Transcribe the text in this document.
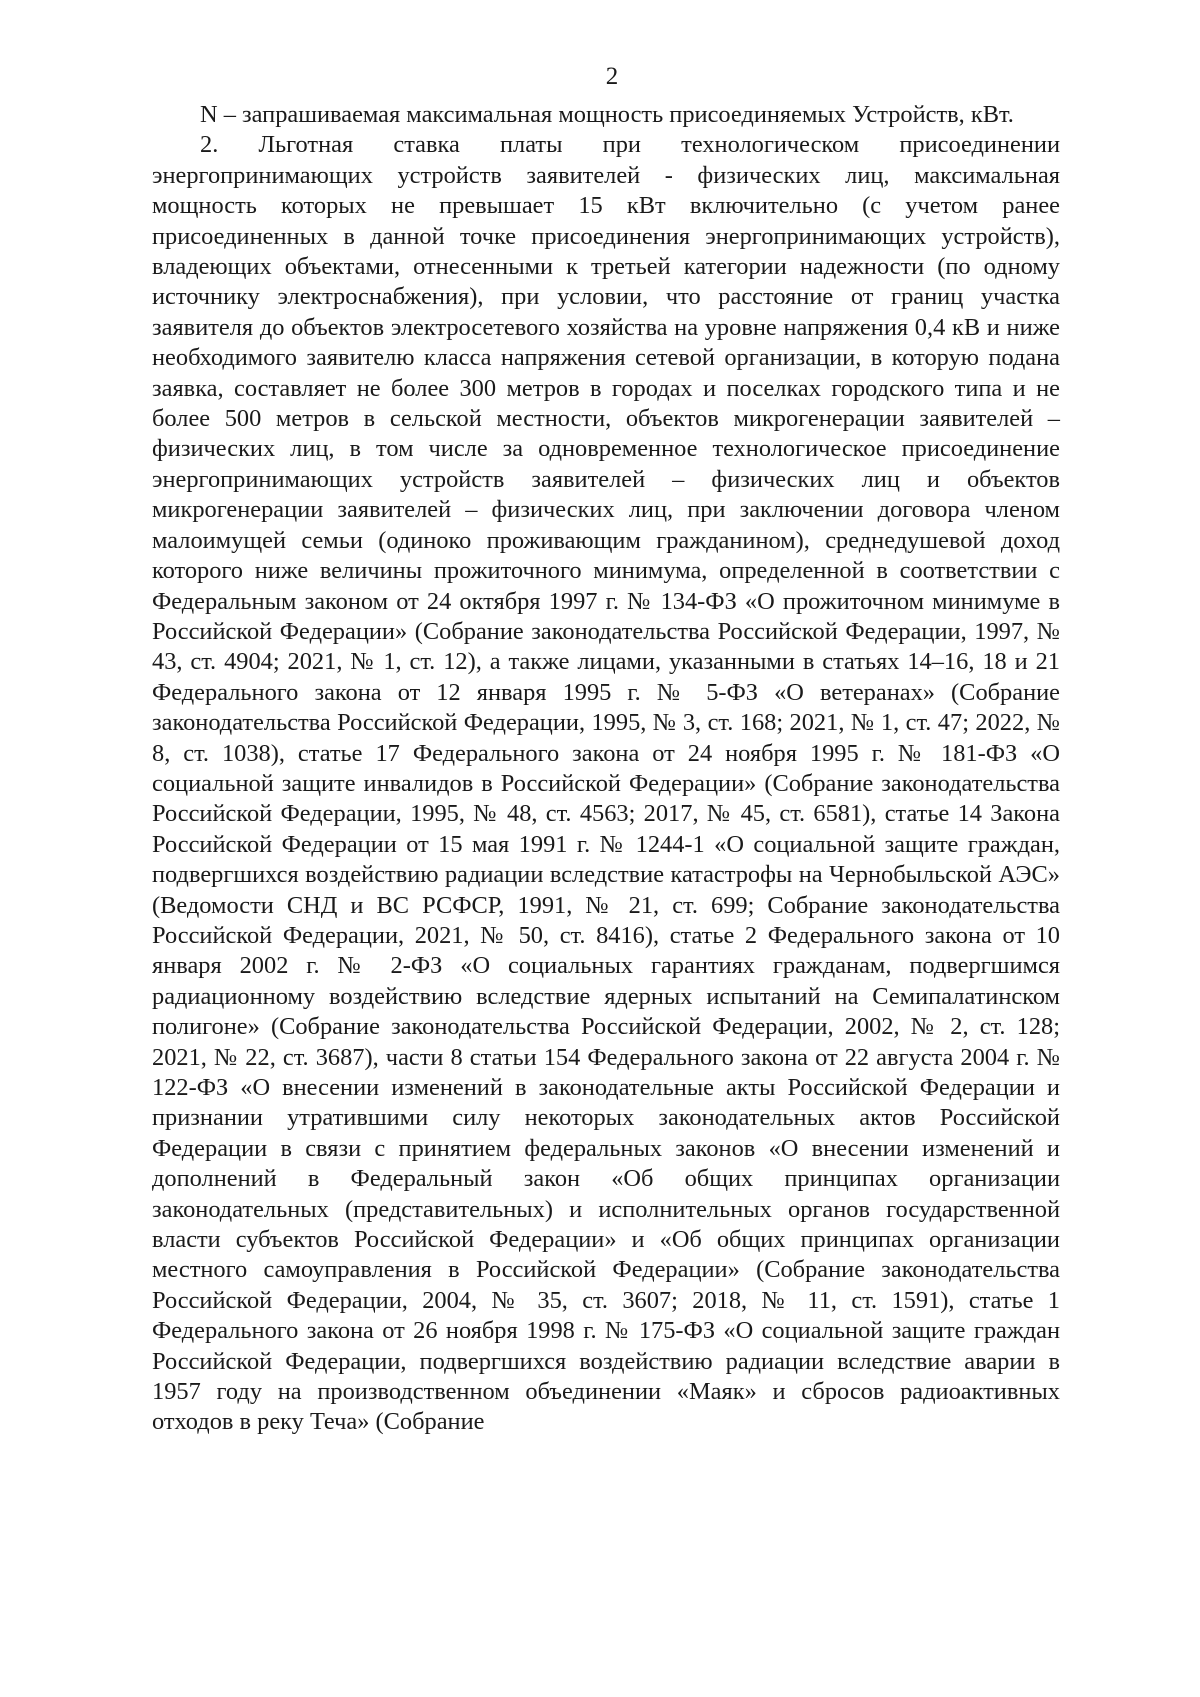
2

N – запрашиваемая максимальная мощность присоединяемых Устройств, кВт.

2. Льготная ставка платы при технологическом присоединении энергопринимающих устройств заявителей - физических лиц, максимальная мощность которых не превышает 15 кВт включительно (с учетом ранее присоединенных в данной точке присоединения энергопринимающих устройств), владеющих объектами, отнесенными к третьей категории надежности (по одному источнику электроснабжения), при условии, что расстояние от границ участка заявителя до объектов электросетевого хозяйства на уровне напряжения 0,4 кВ и ниже необходимого заявителю класса напряжения сетевой организации, в которую подана заявка, составляет не более 300 метров в городах и поселках городского типа и не более 500 метров в сельской местности, объектов микрогенерации заявителей – физических лиц, в том числе за одновременное технологическое присоединение энергопринимающих устройств заявителей – физических лиц и объектов микрогенерации заявителей – физических лиц, при заключении договора членом малоимущей семьи (одиноко проживающим гражданином), среднедушевой доход которого ниже величины прожиточного минимума, определенной в соответствии с Федеральным законом от 24 октября 1997 г. № 134-ФЗ «О прожиточном минимуме в Российской Федерации» (Собрание законодательства Российской Федерации, 1997, № 43, ст. 4904; 2021, № 1, ст. 12), а также лицами, указанными в статьях 14–16, 18 и 21 Федерального закона от 12 января 1995 г. № 5-ФЗ «О ветеранах» (Собрание законодательства Российской Федерации, 1995, № 3, ст. 168; 2021, № 1, ст. 47; 2022, № 8, ст. 1038), статье 17 Федерального закона от 24 ноября 1995 г. № 181-ФЗ «О социальной защите инвалидов в Российской Федерации» (Собрание законодательства Российской Федерации, 1995, № 48, ст. 4563; 2017, № 45, ст. 6581), статье 14 Закона Российской Федерации от 15 мая 1991 г. № 1244-1 «О социальной защите граждан, подвергшихся воздействию радиации вследствие катастрофы на Чернобыльской АЭС» (Ведомости СНД и ВС РСФСР, 1991, № 21, ст. 699; Собрание законодательства Российской Федерации, 2021, № 50, ст. 8416), статье 2 Федерального закона от 10 января 2002 г. № 2-ФЗ «О социальных гарантиях гражданам, подвергшимся радиационному воздействию вследствие ядерных испытаний на Семипалатинском полигоне» (Собрание законодательства Российской Федерации, 2002, № 2, ст. 128; 2021, № 22, ст. 3687), части 8 статьи 154 Федерального закона от 22 августа 2004 г. № 122-ФЗ «О внесении изменений в законодательные акты Российской Федерации и признании утратившими силу некоторых законодательных актов Российской Федерации в связи с принятием федеральных законов «О внесении изменений и дополнений в Федеральный закон «Об общих принципах организации законодательных (представительных) и исполнительных органов государственной власти субъектов Российской Федерации» и «Об общих принципах организации местного самоуправления в Российской Федерации» (Собрание законодательства Российской Федерации, 2004, № 35, ст. 3607; 2018, № 11, ст. 1591), статье 1 Федерального закона от 26 ноября 1998 г. № 175-ФЗ «О социальной защите граждан Российской Федерации, подвергшихся воздействию радиации вследствие аварии в 1957 году на производственном объединении «Маяк» и сбросов радиоактивных отходов в реку Теча» (Собрание
